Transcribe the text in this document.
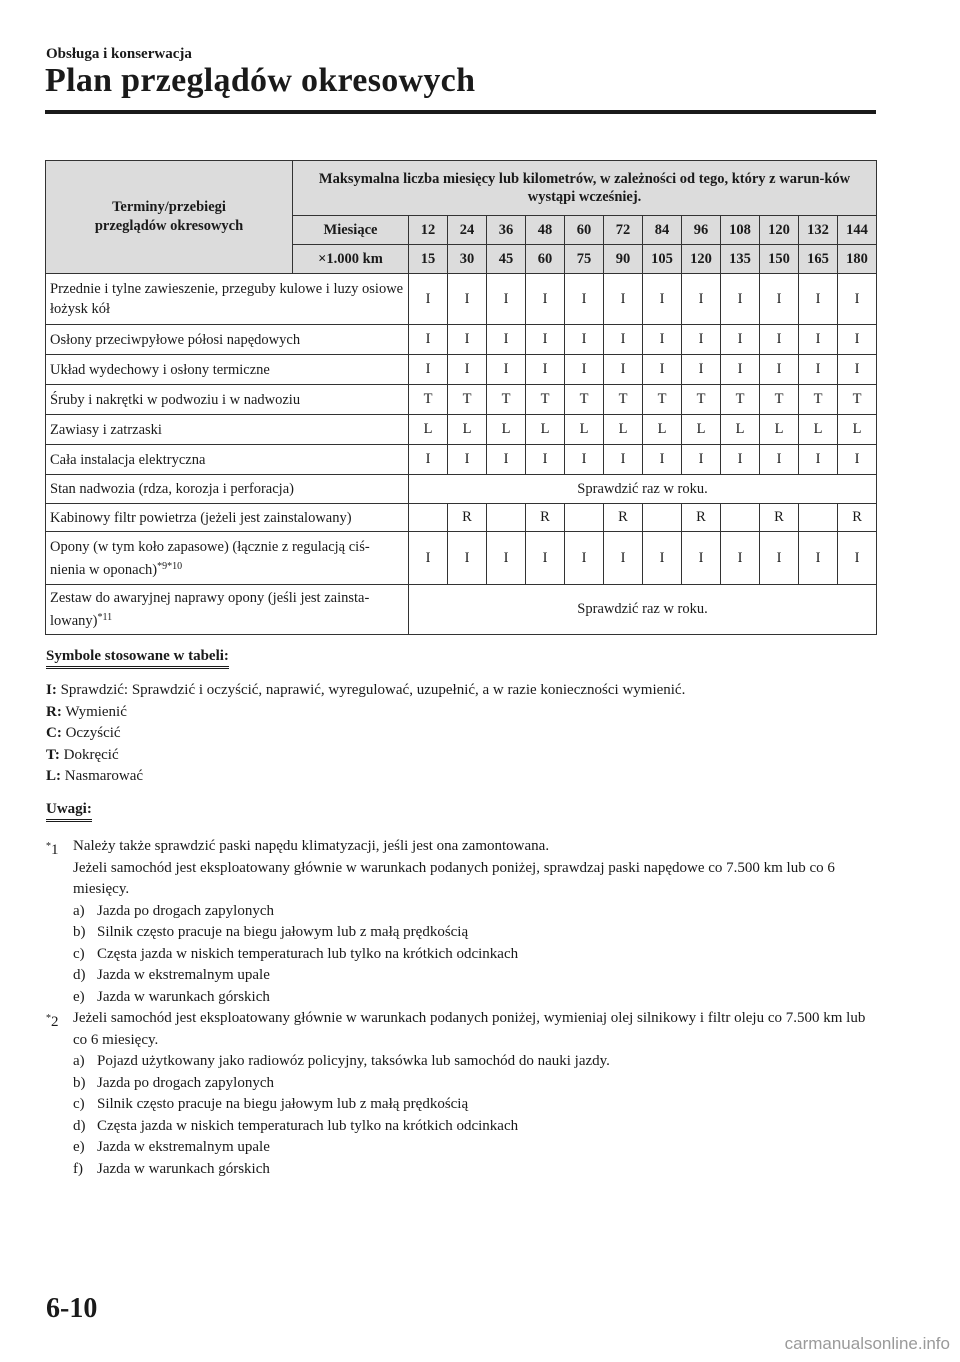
Obsługa i konserwacja
Plan przeglądów okresowych
Terminy/przebiegi przeglądów okresowych	Maksymalna liczba miesięcy lub kilometrów, w zależności od tego, który z warun-ków wystąpi wcześniej.												
	Miesiące	12	24	36	48	60	72	84	96	108	120	132	144
	×1.000 km	15	30	45	60	75	90	105	120	135	150	165	180
Przednie i tylne zawieszenie, przeguby kulowe i luzy osiowe łożysk kół		I	I	I	I	I	I	I	I	I	I	I	I
Osłony przeciwpyłowe półosi napędowych		I	I	I	I	I	I	I	I	I	I	I	I
Układ wydechowy i osłony termiczne		I	I	I	I	I	I	I	I	I	I	I	I
Śruby i nakrętki w podwoziu i w nadwoziu		T	T	T	T	T	T	T	T	T	T	T	T
Zawiasy i zatrzaski		L	L	L	L	L	L	L	L	L	L	L	L
Cała instalacja elektryczna		I	I	I	I	I	I	I	I	I	I	I	I
Stan nadwozia (rdza, korozja i perforacja)		Sprawdzić raz w roku.											
Kabinowy filtr powietrza (jeżeli jest zainstalowany)			R		R		R		R		R		R
Opony (w tym koło zapasowe) (łącznie z regulacją ciś-nienia w oponach)$^{*9*10}$		I	I	I	I	I	I	I	I	I	I	I	I
Zestaw do awaryjnej naprawy opony (jeśli jest zainsta-lowany)$^{*11}$		Sprawdzić raz w roku.											
Symbole stosowane w tabeli:
I: Sprawdzić: Sprawdzić i oczyścić, naprawić, wyregulować, uzupełnić, a w razie konieczności wymienić.
R: Wymienić
C: Oczyścić
T: Dokręcić
L: Nasmarować
Uwagi:
*1 Należy także sprawdzić paski napędu klimatyzacji, jeśli jest ona zamontowana.
Jeżeli samochód jest eksploatowany głównie w warunkach podanych poniżej, sprawdzaj paski napędowe co 7.500 km lub co 6 miesięcy.
a) Jazda po drogach zapylonych
b) Silnik często pracuje na biegu jałowym lub z małą prędkością
c) Częsta jazda w niskich temperaturach lub tylko na krótkich odcinkach
d) Jazda w ekstremalnym upale
e) Jazda w warunkach górskich
*2 Jeżeli samochód jest eksploatowany głównie w warunkach podanych poniżej, wymieniaj olej silnikowy i filtr oleju co 7.500 km lub co 6 miesięcy.
a) Pojazd użytkowany jako radiowóz policyjny, taksówka lub samochód do nauki jazdy.
b) Jazda po drogach zapylonych
c) Silnik często pracuje na biegu jałowym lub z małą prędkością
d) Częsta jazda w niskich temperaturach lub tylko na krótkich odcinkach
e) Jazda w ekstremalnym upale
f) Jazda w warunkach górskich
6-10
carmanualsonline.info
